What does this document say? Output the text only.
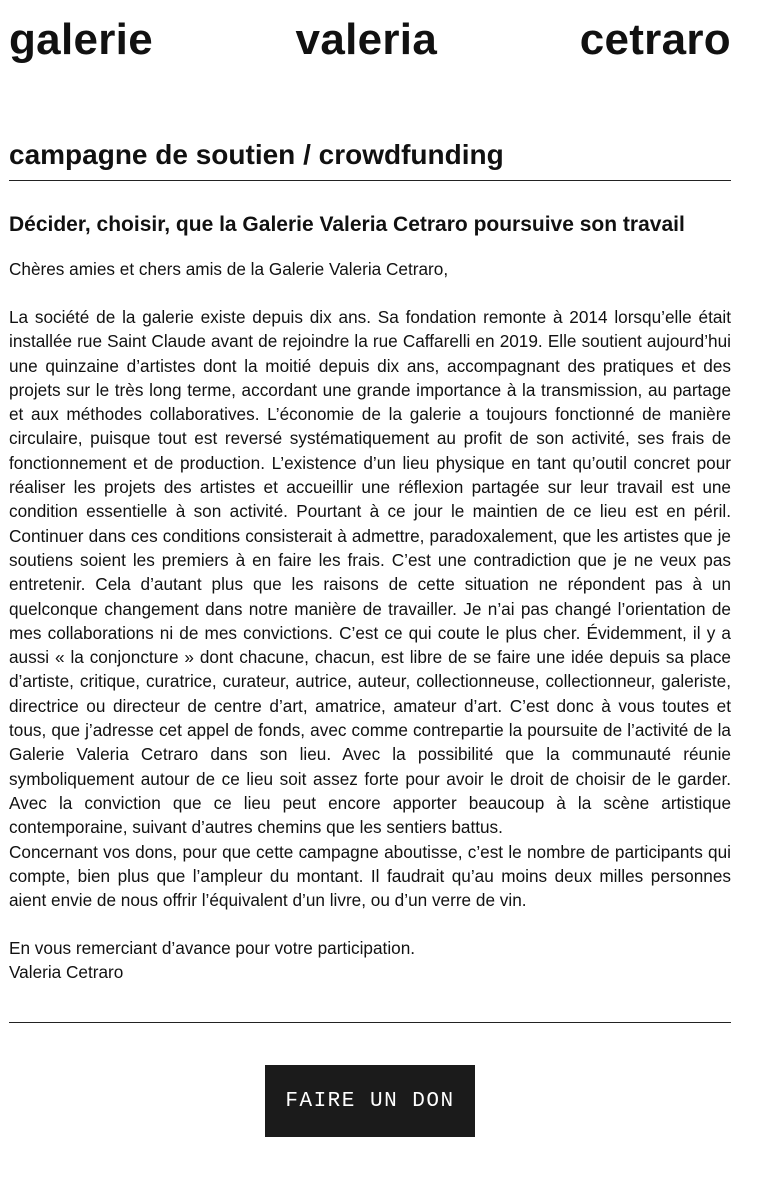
galerie	valeria	cetraro
campagne de soutien / crowdfunding
Décider, choisir, que la Galerie Valeria Cetraro poursuive son travail
Chères amies et chers amis de la Galerie Valeria Cetraro,

La société de la galerie existe depuis dix ans. Sa fondation remonte à 2014 lorsqu’elle était installée rue Saint Claude avant de rejoindre la rue Caffarelli en 2019. Elle soutient aujourd’hui une quinzaine d’artistes dont la moitié depuis dix ans, accompagnant des pratiques et des projets sur le très long terme, accordant une grande importance à la transmission, au partage et aux méthodes collaboratives. L’économie de la galerie a toujours fonctionné de manière circulaire, puisque tout est reversé systématiquement au profit de son activité, ses frais de fonctionnement et de production. L’existence d’un lieu physique en tant qu’outil concret pour réaliser les projets des artistes et accueillir une réflexion partagée sur leur travail est une condition essentielle à son activité. Pourtant à ce jour le maintien de ce lieu est en péril. Continuer dans ces conditions consisterait à admettre, paradoxalement, que les artistes que je soutiens soient les premiers à en faire les frais. C’est une contradiction que je ne veux pas entretenir. Cela d’autant plus que les raisons de cette situation ne répondent pas à un quelconque changement dans notre manière de travailler. Je n’ai pas changé l’orientation de mes collaborations ni de mes convictions. C’est ce qui coute le plus cher. Évidemment, il y a aussi « la conjoncture » dont chacune, chacun, est libre de se faire une idée depuis sa place d’artiste, critique, curatrice, curateur, autrice, auteur, collectionneuse, collectionneur, galeriste, directrice ou directeur de centre d’art, amatrice, amateur d’art. C’est donc à vous toutes et tous, que j’adresse cet appel de fonds, avec comme contrepartie la poursuite de l’activité de la Galerie Valeria Cetraro dans son lieu. Avec la possibilité que la communauté réunie symboliquement autour de ce lieu soit assez forte pour avoir le droit de choisir de le garder. Avec la conviction que ce lieu peut encore apporter beaucoup à la scène artistique contemporaine, suivant d’autres chemins que les sentiers battus.

Concernant vos dons, pour que cette campagne aboutisse, c’est le nombre de participants qui compte, bien plus que l’ampleur du montant. Il faudrait qu’au moins deux milles personnes aient envie de nous offrir l’équivalent d’un livre, ou d’un verre de vin.

En vous remerciant d’avance pour votre participation.
Valeria Cetraro
FAIRE UN DON
